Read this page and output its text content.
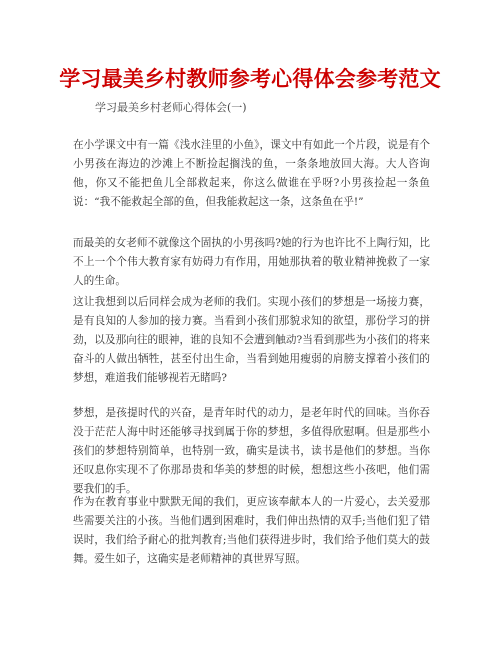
学习最美乡村教师参考心得体会参考范文
学习最美乡村老师心得体会(一)

在小学课文中有一篇《浅水洼里的小鱼》，课文中有如此一个片段，说是有个小男孩在海边的沙滩上不断捡起搁浅的鱼，一条条地放回大海。大人咨询他，你又不能把鱼儿全部救起来，你这么做谁在乎呀?小男孩捡起一条鱼说：“我不能救起全部的鱼，但我能救起这一条，这条鱼在乎!”

而最美的女老师不就像这个固执的小男孩吗?她的行为也许比不上陶行知，比不上一个个伟大教育家有妨碍力有作用，用她那执着的敬业精神挽救了一家人的生命。

这让我想到以后同样会成为老师的我们。实现小孩们的梦想是一场接力赛，是有良知的人参加的接力赛。当看到小孩们那貌求知的欲望，那份学习的拼劲，以及那向往的眼神，谁的良知不会遭到触动?当看到那些为小孩们的将来奋斗的人做出牺牲，甚至付出生命，当看到她用瘦弱的肩膀支撑着小孩们的梦想，难道我们能够视若无睹吗?

梦想，是孩提时代的兴奋，是青年时代的动力，是老年时代的回味。当你吞没于茫茫人海中时还能够寻找到属于你的梦想，多值得欣慰啊。但是那些小孩们的梦想特别简单，也特别一致，确实是读书，读书是他们的梦想。当你还叹息你实现不了你那昂贵和华美的梦想的时候，想想这些小孩吧，他们需要我们的手。

作为在教育事业中默默无闻的我们，更应该奉献本人的一片爱心，去关爱那些需要关注的小孩。当他们遇到困难时，我们伸出热情的双手;当他们犯了错误时，我们给予耐心的批判教育;当他们获得进步时，我们给予他们莫大的鼓舞。爱生如子，这确实是老师精神的真世界写照。
